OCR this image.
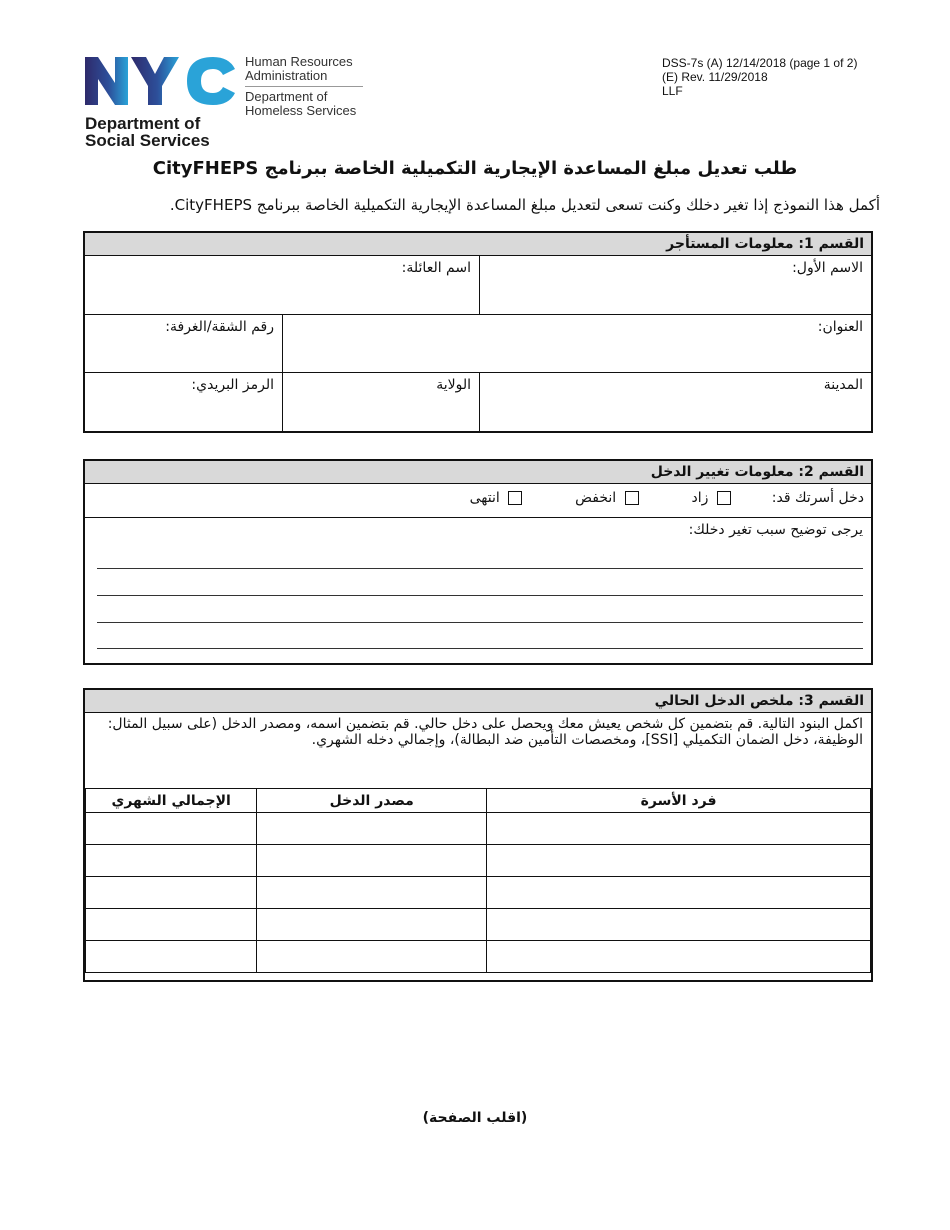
Human Resources
Administration
Department of
Homeless Services
Department of
Social Services
DSS-7s (A) 12/14/2018 (page 1 of 2)
(E) Rev. 11/29/2018
LLF
طلب تعديل مبلغ المساعدة الإيجارية التكميلية الخاصة ببرنامج CityFHEPS
أكمل هذا النموذج إذا تغير دخلك وكنت تسعى لتعديل مبلغ المساعدة الإيجارية التكميلية الخاصة ببرنامج CityFHEPS.
القسم 1: معلومات المستأجر
الاسم الأول:
اسم العائلة:
العنوان:
رقم الشقة/الغرفة:
المدينة
الولاية
الرمز البريدي:
القسم 2: معلومات تغيير الدخل
دخل أسرتك قد:   زاد   انخفض   انتهى
يرجى توضيح سبب تغير دخلك:
القسم 3: ملخص الدخل الحالي
اكمل البنود التالية. قم بتضمين كل شخص يعيش معك ويحصل على دخل حالي. قم بتضمين اسمه، ومصدر الدخل (على سبيل المثال: الوظيفة، دخل الضمان التكميلي [SSI]، ومخصصات التأمين ضد البطالة)، وإجمالي دخله الشهري.
فرد الأسرة	مصدر الدخل	الإجمالي الشهري

(اقلب الصفحة)
